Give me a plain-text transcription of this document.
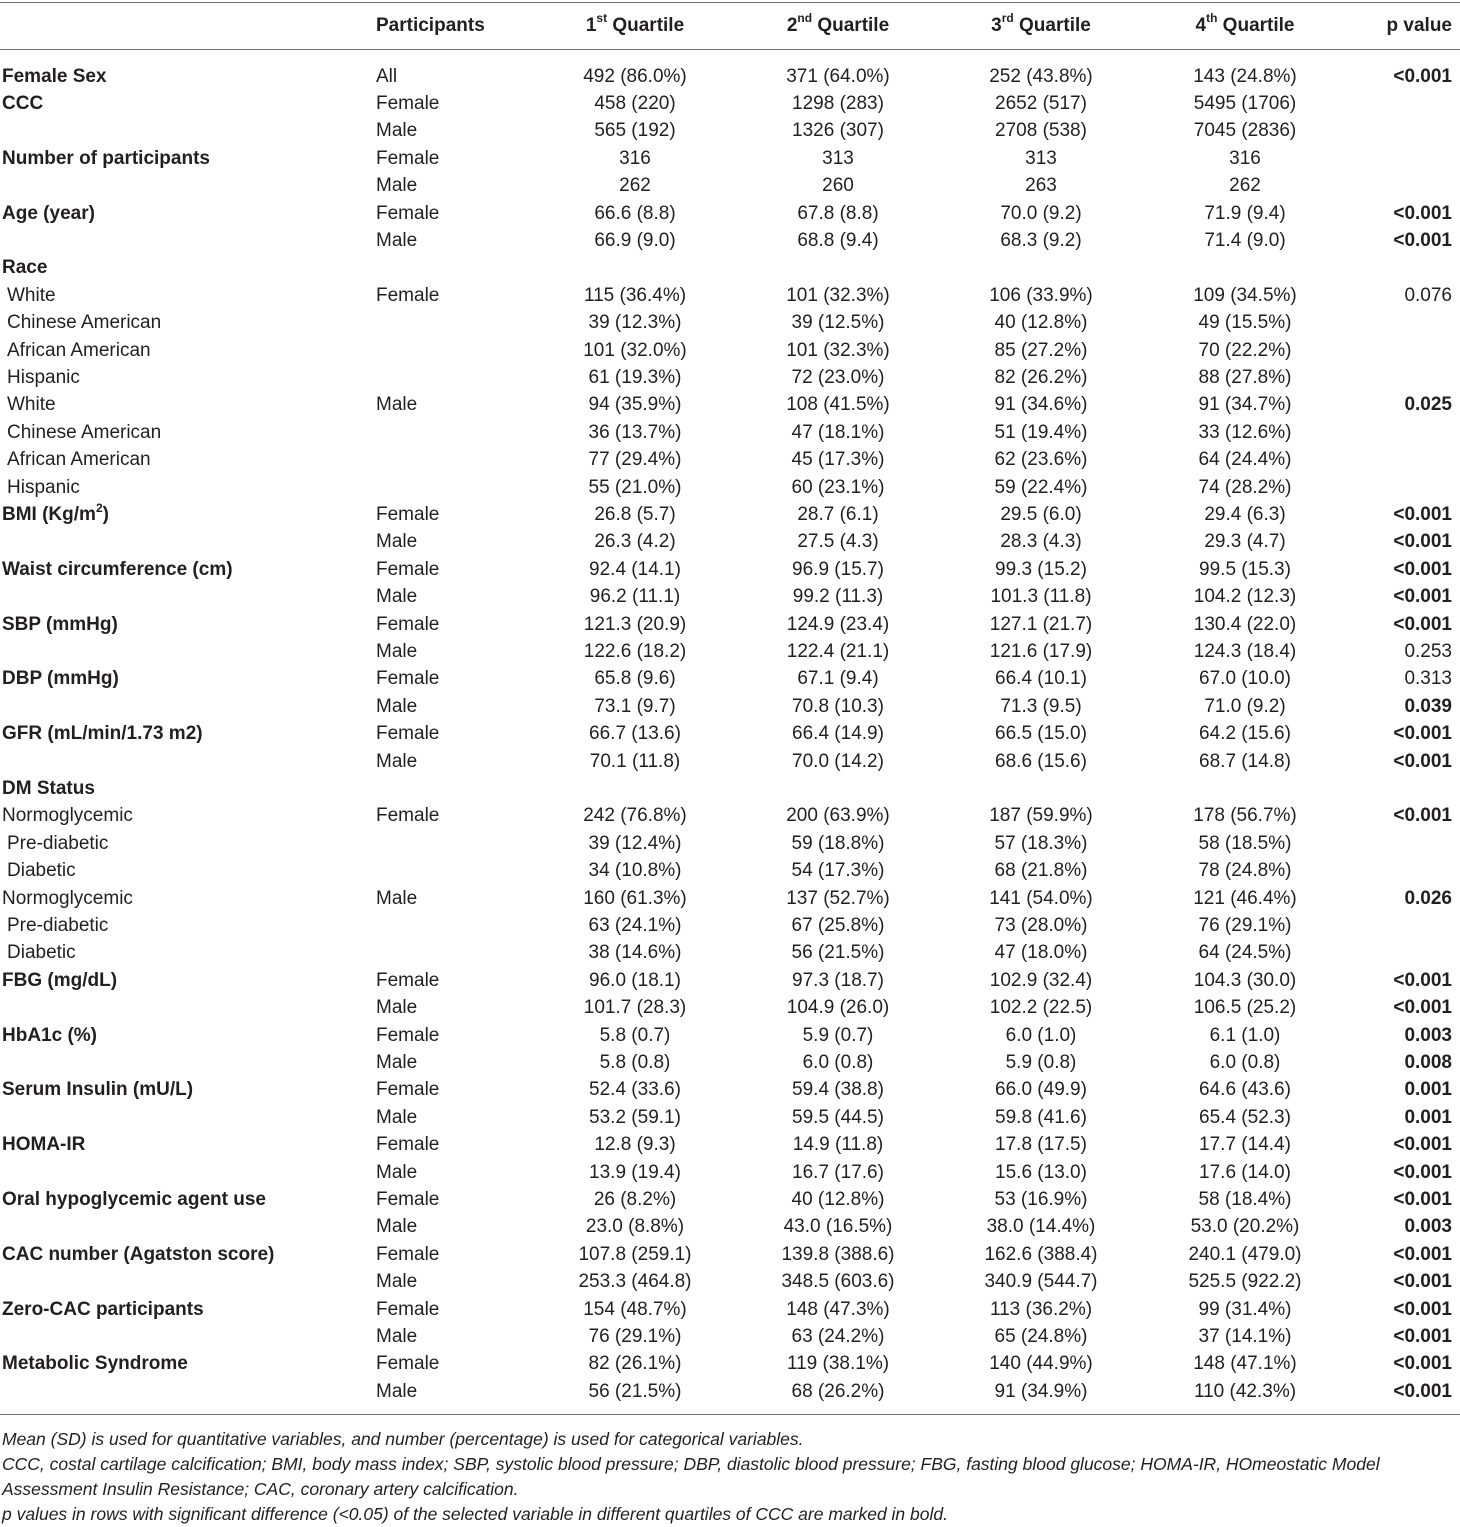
Participants	1st Quartile	2nd Quartile	3rd Quartile	4th Quartile	p value
Female Sex	All	492 (86.0%)	371 (64.0%)	252 (43.8%)	143 (24.8%)	<0.001
CCC	Female	458 (220)	1298 (283)	2652 (517)	5495 (1706)
Male	565 (192)	1326 (307)	2708 (538)	7045 (2836)
Number of participants	Female	316	313	313	316
Male	262	260	263	262
Age (year)	Female	66.6 (8.8)	67.8 (8.8)	70.0 (9.2)	71.9 (9.4)	<0.001
Male	66.9 (9.0)	68.8 (9.4)	68.3 (9.2)	71.4 (9.0)	<0.001
Race
White	Female	115 (36.4%)	101 (32.3%)	106 (33.9%)	109 (34.5%)	0.076
Chinese American	39 (12.3%)	39 (12.5%)	40 (12.8%)	49 (15.5%)
African American	101 (32.0%)	101 (32.3%)	85 (27.2%)	70 (22.2%)
Hispanic	61 (19.3%)	72 (23.0%)	82 (26.2%)	88 (27.8%)
White	Male	94 (35.9%)	108 (41.5%)	91 (34.6%)	91 (34.7%)	0.025
Chinese American	36 (13.7%)	47 (18.1%)	51 (19.4%)	33 (12.6%)
African American	77 (29.4%)	45 (17.3%)	62 (23.6%)	64 (24.4%)
Hispanic	55 (21.0%)	60 (23.1%)	59 (22.4%)	74 (28.2%)
BMI $(Kg/m^2)$	Female	26.8 (5.7)	28.7 (6.1)	29.5 (6.0)	29.4 (6.3)	<0.001
Male	26.3 (4.2)	27.5 (4.3)	28.3 (4.3)	29.3 (4.7)	<0.001
Waist circumference (cm)	Female	92.4 (14.1)	96.9 (15.7)	99.3 (15.2)	99.5 (15.3)	<0.001
Male	96.2 (11.1)	99.2 (11.3)	101.3 (11.8)	104.2 (12.3)	<0.001
SBP (mmHg)	Female	121.3 (20.9)	124.9 (23.4)	127.1 (21.7)	130.4 (22.0)	<0.001
Male	122.6 (18.2)	122.4 (21.1)	121.6 (17.9)	124.3 (18.4)	0.253
DBP (mmHg)	Female	65.8 (9.6)	67.1 (9.4)	66.4 (10.1)	67.0 (10.0)	0.313
Male	73.1 (9.7)	70.8 (10.3)	71.3 (9.5)	71.0 (9.2)	0.039
GFR (mL/min/1.73 m2)	Female	66.7 (13.6)	66.4 (14.9)	66.5 (15.0)	64.2 (15.6)	<0.001
Male	70.1 (11.8)	70.0 (14.2)	68.6 (15.6)	68.7 (14.8)	<0.001
DM Status
Normoglycemic	Female	242 (76.8%)	200 (63.9%)	187 (59.9%)	178 (56.7%)	<0.001
Pre-diabetic	39 (12.4%)	59 (18.8%)	57 (18.3%)	58 (18.5%)
Diabetic	34 (10.8%)	54 (17.3%)	68 (21.8%)	78 (24.8%)
Normoglycemic	Male	160 (61.3%)	137 (52.7%)	141 (54.0%)	121 (46.4%)	0.026
Pre-diabetic	63 (24.1%)	67 (25.8%)	73 (28.0%)	76 (29.1%)
Diabetic	38 (14.6%)	56 (21.5%)	47 (18.0%)	64 (24.5%)
FBG (mg/dL)	Female	96.0 (18.1)	97.3 (18.7)	102.9 (32.4)	104.3 (30.0)	<0.001
Male	101.7 (28.3)	104.9 (26.0)	102.2 (22.5)	106.5 (25.2)	<0.001
HbA1c (%)	Female	5.8 (0.7)	5.9 (0.7)	6.0 (1.0)	6.1 (1.0)	0.003
Male	5.8 (0.8)	6.0 (0.8)	5.9 (0.8)	6.0 (0.8)	0.008
Serum Insulin (mU/L)	Female	52.4 (33.6)	59.4 (38.8)	66.0 (49.9)	64.6 (43.6)	0.001
Male	53.2 (59.1)	59.5 (44.5)	59.8 (41.6)	65.4 (52.3)	0.001
HOMA-IR	Female	12.8 (9.3)	14.9 (11.8)	17.8 (17.5)	17.7 (14.4)	<0.001
Male	13.9 (19.4)	16.7 (17.6)	15.6 (13.0)	17.6 (14.0)	<0.001
Oral hypoglycemic agent use	Female	26 (8.2%)	40 (12.8%)	53 (16.9%)	58 (18.4%)	<0.001
Male	23.0 (8.8%)	43.0 (16.5%)	38.0 (14.4%)	53.0 (20.2%)	0.003
CAC number (Agatston score)	Female	107.8 (259.1)	139.8 (388.6)	162.6 (388.4)	240.1 (479.0)	<0.001
Male	253.3 (464.8)	348.5 (603.6)	340.9 (544.7)	525.5 (922.2)	<0.001
Zero-CAC participants	Female	154 (48.7%)	148 (47.3%)	113 (36.2%)	99 (31.4%)	<0.001
Male	76 (29.1%)	63 (24.2%)	65 (24.8%)	37 (14.1%)	<0.001
Metabolic Syndrome	Female	82 (26.1%)	119 (38.1%)	140 (44.9%)	148 (47.1%)	<0.001
Male	56 (21.5%)	68 (26.2%)	91 (34.9%)	110 (42.3%)	<0.001

Mean (SD) is used for quantitative variables, and number (percentage) is used for categorical variables.

CCC, costal cartilage calcification; BMI, body mass index; SBP, systolic blood pressure; DBP, diastolic blood pressure; FBG, fasting blood glucose; HOMA-IR, HOmeostatic Model Assessment Insulin Resistance; CAC, coronary artery calcification.

p values in rows with significant difference (<0.05) of the selected variable in different quartiles of CCC are marked in bold.
